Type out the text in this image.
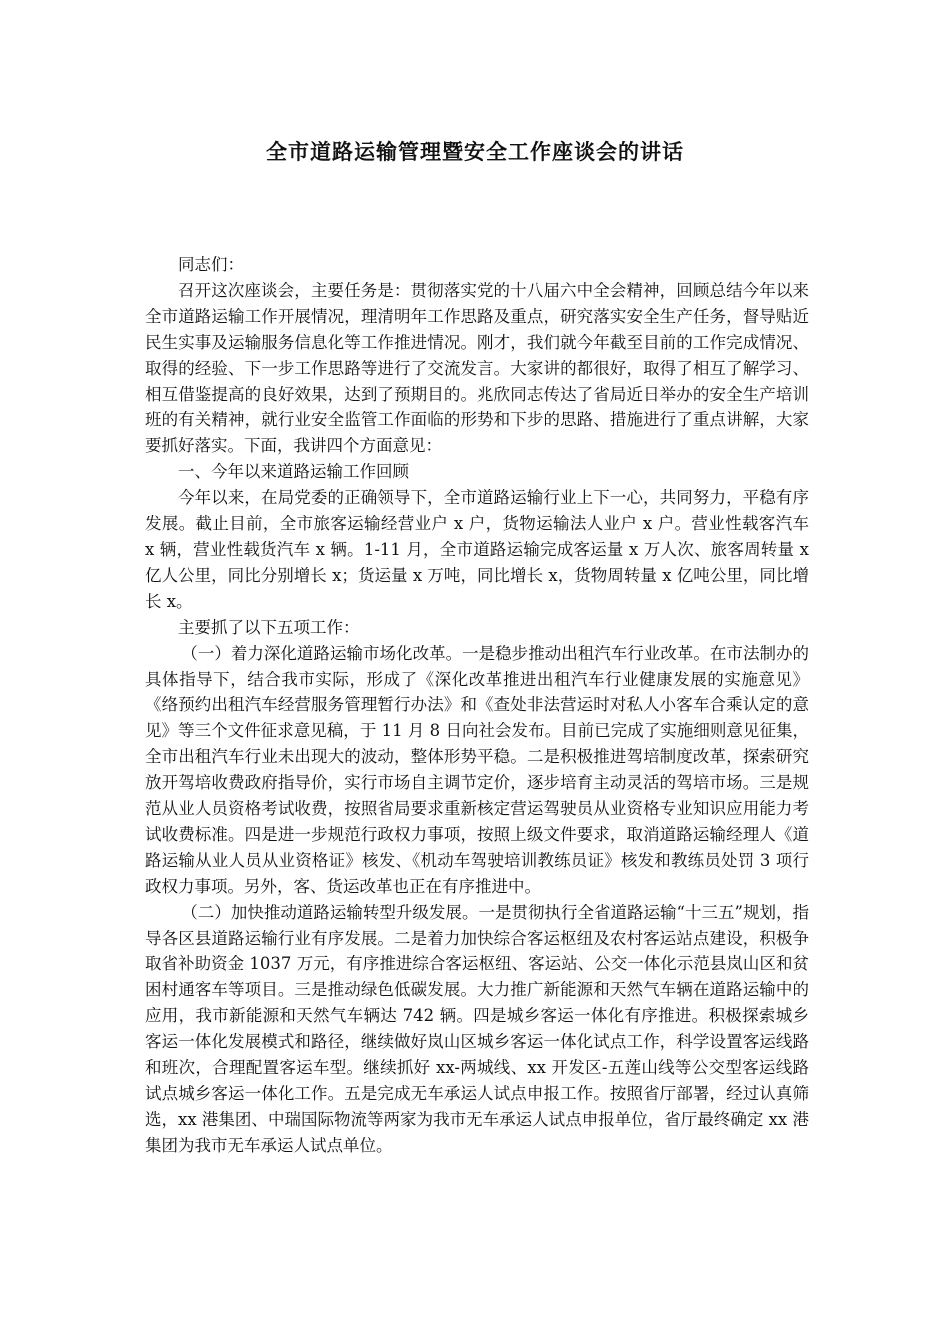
全市道路运输管理暨安全工作座谈会的讲话

同志们：

召开这次座谈会，主要任务是：贯彻落实党的十八届六中全会精神，回顾总结今年以来全市道路运输工作开展情况，理清明年工作思路及重点，研究落实安全生产任务，督导贴近民生实事及运输服务信息化等工作推进情况。刚才，我们就今年截至目前的工作完成情况、取得的经验、下一步工作思路等进行了交流发言。大家讲的都很好，取得了相互了解学习、相互借鉴提高的良好效果，达到了预期目的。兆欣同志传达了省局近日举办的安全生产培训班的有关精神，就行业安全监管工作面临的形势和下步的思路、措施进行了重点讲解，大家要抓好落实。下面，我讲四个方面意见：

一、今年以来道路运输工作回顾

今年以来，在局党委的正确领导下，全市道路运输行业上下一心，共同努力，平稳有序发展。截止目前，全市旅客运输经营业户 x 户，货物运输法人业户 x 户。营业性载客汽车 x 辆，营业性载货汽车 x 辆。1-11 月，全市道路运输完成客运量 x 万人次、旅客周转量 x 亿人公里，同比分别增长 x；货运量 x 万吨，同比增长 x，货物周转量 x 亿吨公里，同比增长 x。

主要抓了以下五项工作：

（一）着力深化道路运输市场化改革。一是稳步推动出租汽车行业改革。在市法制办的具体指导下，结合我市实际，形成了《深化改革推进出租汽车行业健康发展的实施意见》《络预约出租汽车经营服务管理暂行办法》和《查处非法营运时对私人小客车合乘认定的意见》等三个文件征求意见稿，于 11 月 8 日向社会发布。目前已完成了实施细则意见征集，全市出租汽车行业未出现大的波动，整体形势平稳。二是积极推进驾培制度改革，探索研究放开驾培收费政府指导价，实行市场自主调节定价，逐步培育主动灵活的驾培市场。三是规范从业人员资格考试收费，按照省局要求重新核定营运驾驶员从业资格专业知识应用能力考试收费标准。四是进一步规范行政权力事项，按照上级文件要求，取消道路运输经理人《道路运输从业人员从业资格证》核发、《机动车驾驶培训教练员证》核发和教练员处罚 3 项行政权力事项。另外，客、货运改革也正在有序推进中。

（二）加快推动道路运输转型升级发展。一是贯彻执行全省道路运输“十三五”规划，指导各区县道路运输行业有序发展。二是着力加快综合客运枢纽及农村客运站点建设，积极争取省补助资金 1037 万元，有序推进综合客运枢纽、客运站、公交一体化示范县岚山区和贫困村通客车等项目。三是推动绿色低碳发展。大力推广新能源和天然气车辆在道路运输中的应用，我市新能源和天然气车辆达 742 辆。四是城乡客运一体化有序推进。积极探索城乡客运一体化发展模式和路径，继续做好岚山区城乡客运一体化试点工作，科学设置客运线路和班次，合理配置客运车型。继续抓好 xx-两城线、xx 开发区-五莲山线等公交型客运线路试点城乡客运一体化工作。五是完成无车承运人试点申报工作。按照省厅部署，经过认真筛选，xx 港集团、中瑞国际物流等两家为我市无车承运人试点申报单位，省厅最终确定 xx 港集团为我市无车承运人试点单位。
